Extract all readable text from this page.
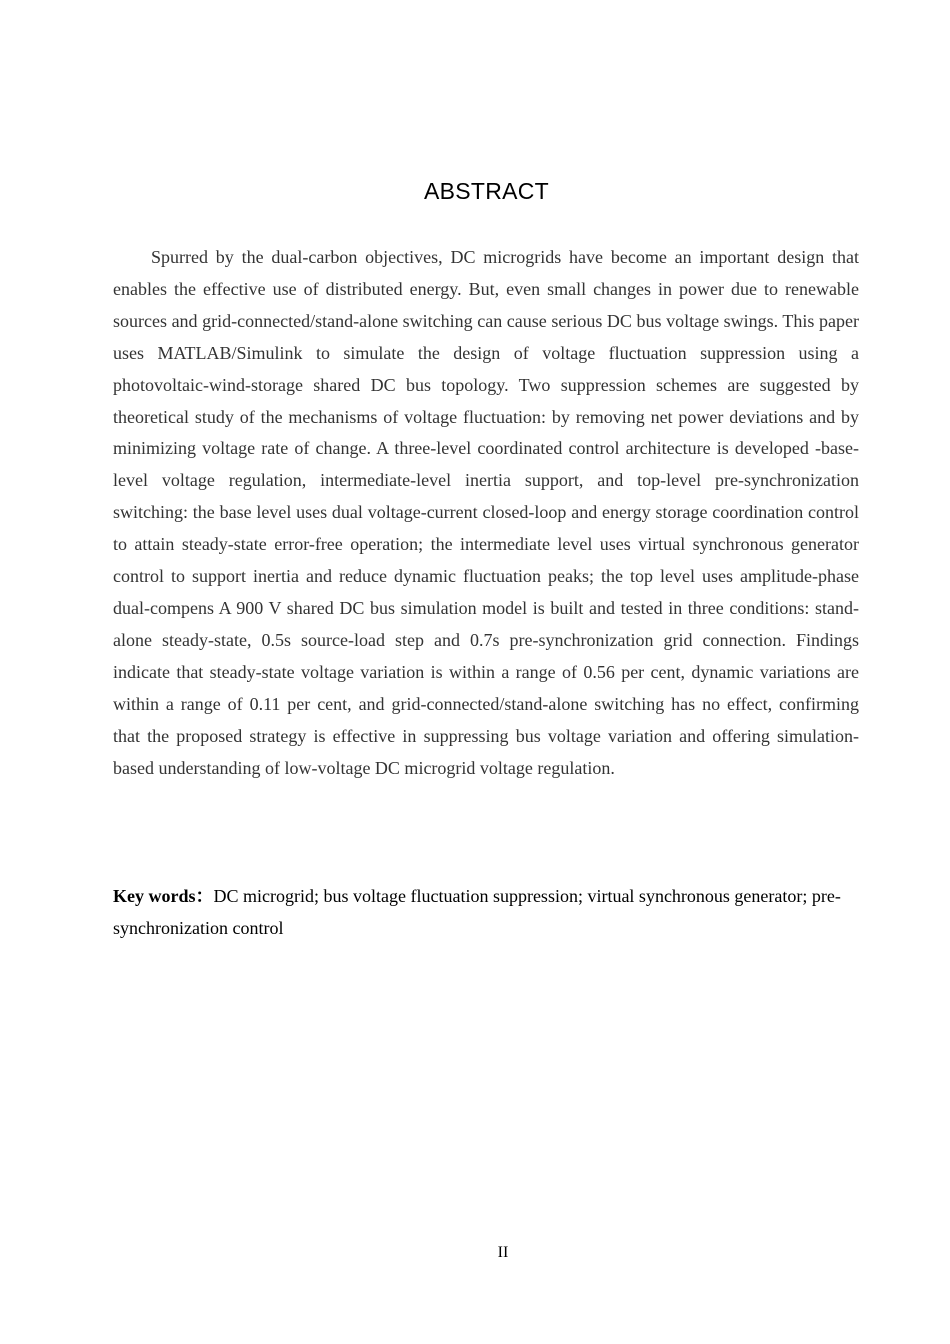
ABSTRACT

Spurred by the dual-carbon objectives, DC microgrids have become an important design that enables the effective use of distributed energy. But, even small changes in power due to renewable sources and grid-connected/stand-alone switching can cause serious DC bus voltage swings. This paper uses MATLAB/Simulink to simulate the design of voltage fluctuation suppression using a photovoltaic-wind-storage shared DC bus topology. Two suppression schemes are suggested by theoretical study of the mechanisms of voltage fluctuation: by removing net power deviations and by minimizing voltage rate of change. A three-level coordinated control architecture is developed -base-level voltage regulation, intermediate-level inertia support, and top-level pre-synchronization switching: the base level uses dual voltage-current closed-loop and energy storage coordination control to attain steady-state error-free operation; the intermediate level uses virtual synchronous generator control to support inertia and reduce dynamic fluctuation peaks; the top level uses amplitude-phase dual-compens A 900 V shared DC bus simulation model is built and tested in three conditions: stand-alone steady-state, 0.5s source-load step and 0.7s pre-synchronization grid connection. Findings indicate that steady-state voltage variation is within a range of 0.56 per cent, dynamic variations are within a range of 0.11 per cent, and grid-connected/stand-alone switching has no effect, confirming that the proposed strategy is effective in suppressing bus voltage variation and offering simulation-based understanding of low-voltage DC microgrid voltage regulation.

Key words：DC microgrid; bus voltage fluctuation suppression; virtual synchronous generator; pre-synchronization control

II
